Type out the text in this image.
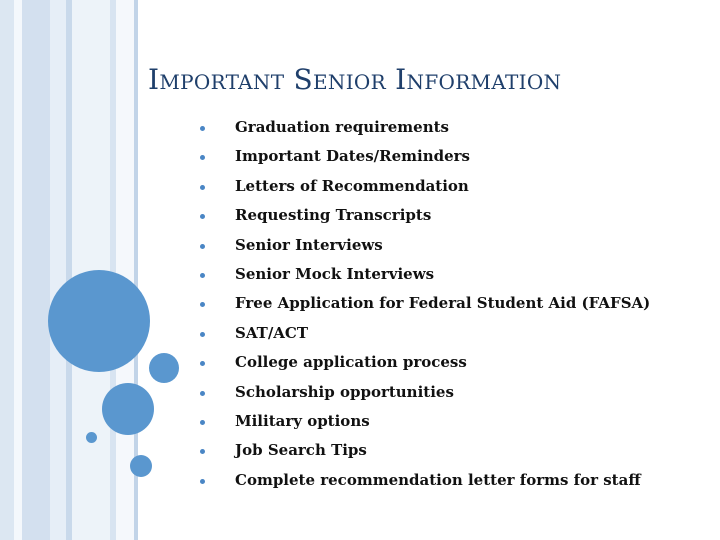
Important Senior Information
Graduation requirements
Important Dates/Reminders
Letters of Recommendation
Requesting Transcripts
Senior Interviews
Senior Mock Interviews
Free Application for Federal Student Aid (FAFSA)
SAT/ACT
College application process
Scholarship opportunities
Military options
Job Search Tips
Complete recommendation letter forms for staff
